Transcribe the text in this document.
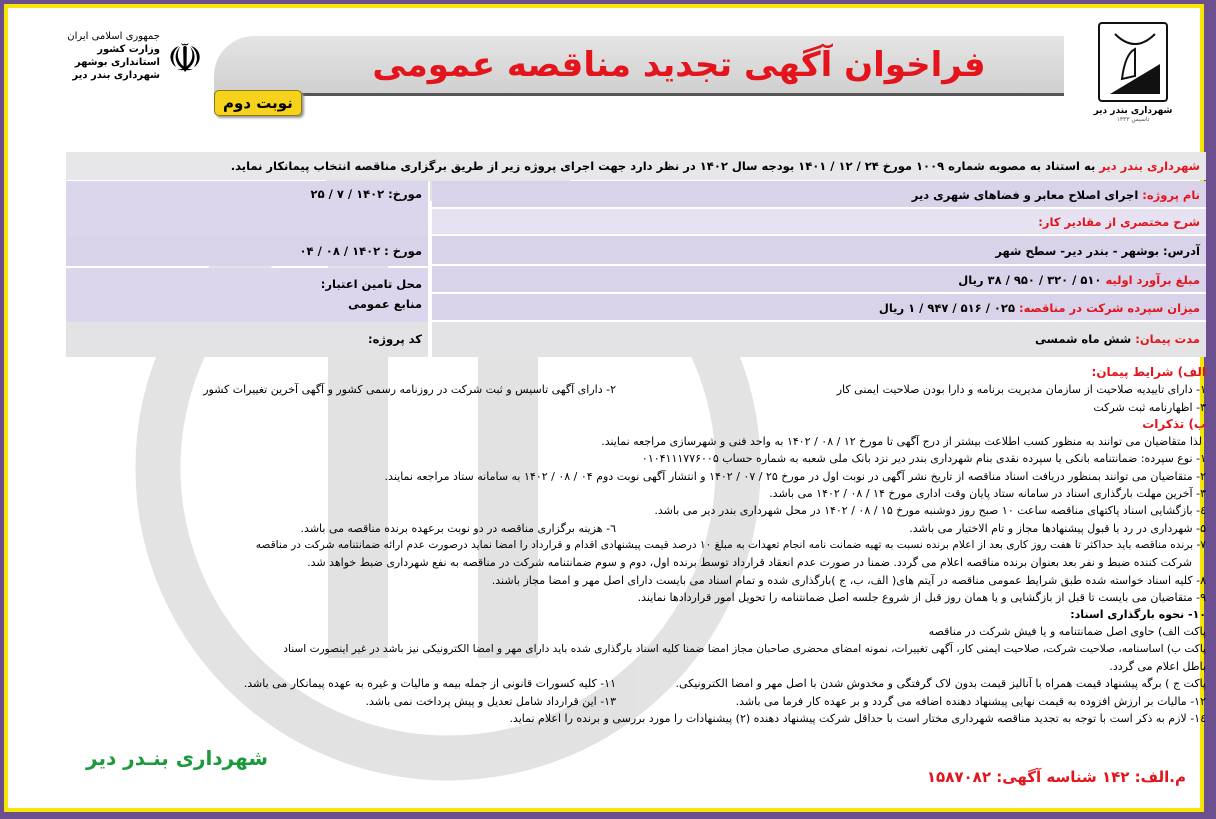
شهرداری بندر دیر
تاسیس ۱۳۳۳
فراخوان آگهی تجدید مناقصه عمومی
نوبت دوم
جمهوری اسلامی ایران
وزارت کشور
استانداری بوشهر
شهرداری بندر دیر ☫
شهرداری بندر دیر به استناد به مصوبه شماره ۱۰۰۹ مورخ ۲۴ / ۱۲ / ۱۴۰۱ بودجه سال ۱۴۰۲ در نظر دارد جهت اجرای پروژه زیر از طریق برگزاری مناقصه انتخاب پیمانکار نماید.
نام پروژه: اجرای اصلاح معابر و فضاهای شهری دیر
شرح مختصری از مقادیر کار:
آدرس: بوشهر - بندر دیر- سطح شهر
مبلغ برآورد اولیه ۵۱۰ / ۳۲۰ / ۹۵۰ / ۳۸ ریال
میزان سپرده شرکت در مناقصه: ۰۲۵ / ۵۱۶ / ۹۴۷ / ۱ ریال
مدت پیمان: شش ماه شمسی
مورخ: ۱۴۰۲ / ۷ / ۲۵
مورخ : ۱۴۰۲ / ۰۸ / ۰۴
محل تامین اعتبار:
منابع عمومی
کد پروژه:
الف) شرایط پیمان:
۱- دارای تاییدیه صلاحیت از سازمان مدیریت برنامه و دارا بودن صلاحیت ایمنی کار
۲- دارای آگهی تاسیس و ثبت شرکت در روزنامه رسمی کشور و آگهی آخرین تغییرات کشور
۳- اظهارنامه ثبت شرکت
ب) تذکرات
لذا متقاضیان می توانند به منظور کسب اطلاعت بیشتر از درج آگهی تا مورخ ۱۲ / ۰۸ / ۱۴۰۲ به واحد فنی و شهرسازی مراجعه نمایند.
۱- نوع سپرده: ضمانتنامه بانکی یا سپرده نقدی بنام شهرداری بندر دیر نزد بانک ملی شعبه به شماره حساب ۰۱۰۴۱۱۱۷۷۶۰۰۵
۲- متقاضیان می توانند بمنظور دریافت اسناد مناقصه از تاریخ نشر آگهی در نوبت اول در مورخ ۲۵ / ۰۷ / ۱۴۰۲ و انتشار آگهی نوبت دوم ۰۴ / ۰۸ / ۱۴۰۲ به سامانه ستاد مراجعه نمایند.
۳- آخرین مهلت بارگذاری اسناد در سامانه ستاد پایان وقت اداری مورخ ۱۴ / ۰۸ / ۱۴۰۲ می باشد.
٤- بازگشایی اسناد پاکتهای مناقصه ساعت ۱۰ صبح روز دوشنبه مورخ ۱۵ / ۰۸ / ۱۴۰۲ در محل شهرداری بندر دیر می باشد.
۵- شهرداری در رد یا قبول پیشنهادها مجاز و تام الاختیار می باشد.
٦- هزینه برگزاری مناقصه در دو نوبت برعهده برنده مناقصه می باشد.
۷- برنده مناقصه باید حداکثر تا هفت روز کاری بعد از اعلام برنده نسبت به تهیه ضمانت نامه انجام تعهدات به مبلغ ۱۰ درصد قیمت پیشنهادی اقدام و قرارداد را امضا نماید درصورت عدم ارائه ضمانتنامه شرکت در مناقصه
شرکت کننده ضبط و نفر بعد بعنوان برنده مناقصه اعلام می گردد. ضمنا در صورت عدم انعقاد قرارداد توسط برنده اول، دوم و سوم ضمانتنامه شرکت در مناقصه به نفع شهرداری ضبط خواهد شد.
۸- کلیه اسناد خواسته شده طبق شرایط عمومی مناقصه در آیتم های( الف، ب، ج )بارگذاری شده و تمام اسناد می بایست دارای اصل مهر و امضا مجاز باشند.
۹- متقاضیان می بایست تا قبل از بازگشایی و یا همان روز قبل از شروع جلسه اصل ضمانتنامه را تحویل امور قراردادها نمایند.
۱۰- نحوه بارگذاری اسناد:
پاکت الف) حاوی اصل ضمانتنامه و یا فیش شرکت در مناقصه
پاکت ب) اساسنامه، صلاحیت شرکت، صلاحیت ایمنی کار، آگهی تغییرات، نمونه امضای محضری صاحبان مجاز امضا ضمنا کلیه اسناد بارگذاری شده باید دارای مهر و امضا الکترونیکی نیز باشد در غیر اینصورت اسناد
باطل اعلام می گردد.
پاکت ج ) برگه پیشنهاد قیمت همراه با آنالیز قیمت بدون لاک گرفتگی و مخدوش شدن با اصل مهر و امضا الکترونیکی.
۱۱- کلیه کسورات قانونی از جمله بیمه و مالیات و غیره به عهده پیمانکار می باشد.
۱۲- مالیات بر ارزش افزوده به قیمت نهایی پیشنهاد دهنده اضافه می گردد و بر عهده کار فرما می باشد.
۱۳- این قرارداد شامل تعدیل و پیش پرداخت نمی باشد.
۱٤- لازم به ذکر است با توجه به تجدید مناقصه شهرداری مختار است با حداقل شرکت پیشنهاد دهنده (۲) پیشنهادات را مورد بررسی و برنده را اعلام نماید.
شهرداری بنـدر دیر
م.الف: ۱۴۲ شناسه آگهی: ۱۵۸۷۰۸۲
